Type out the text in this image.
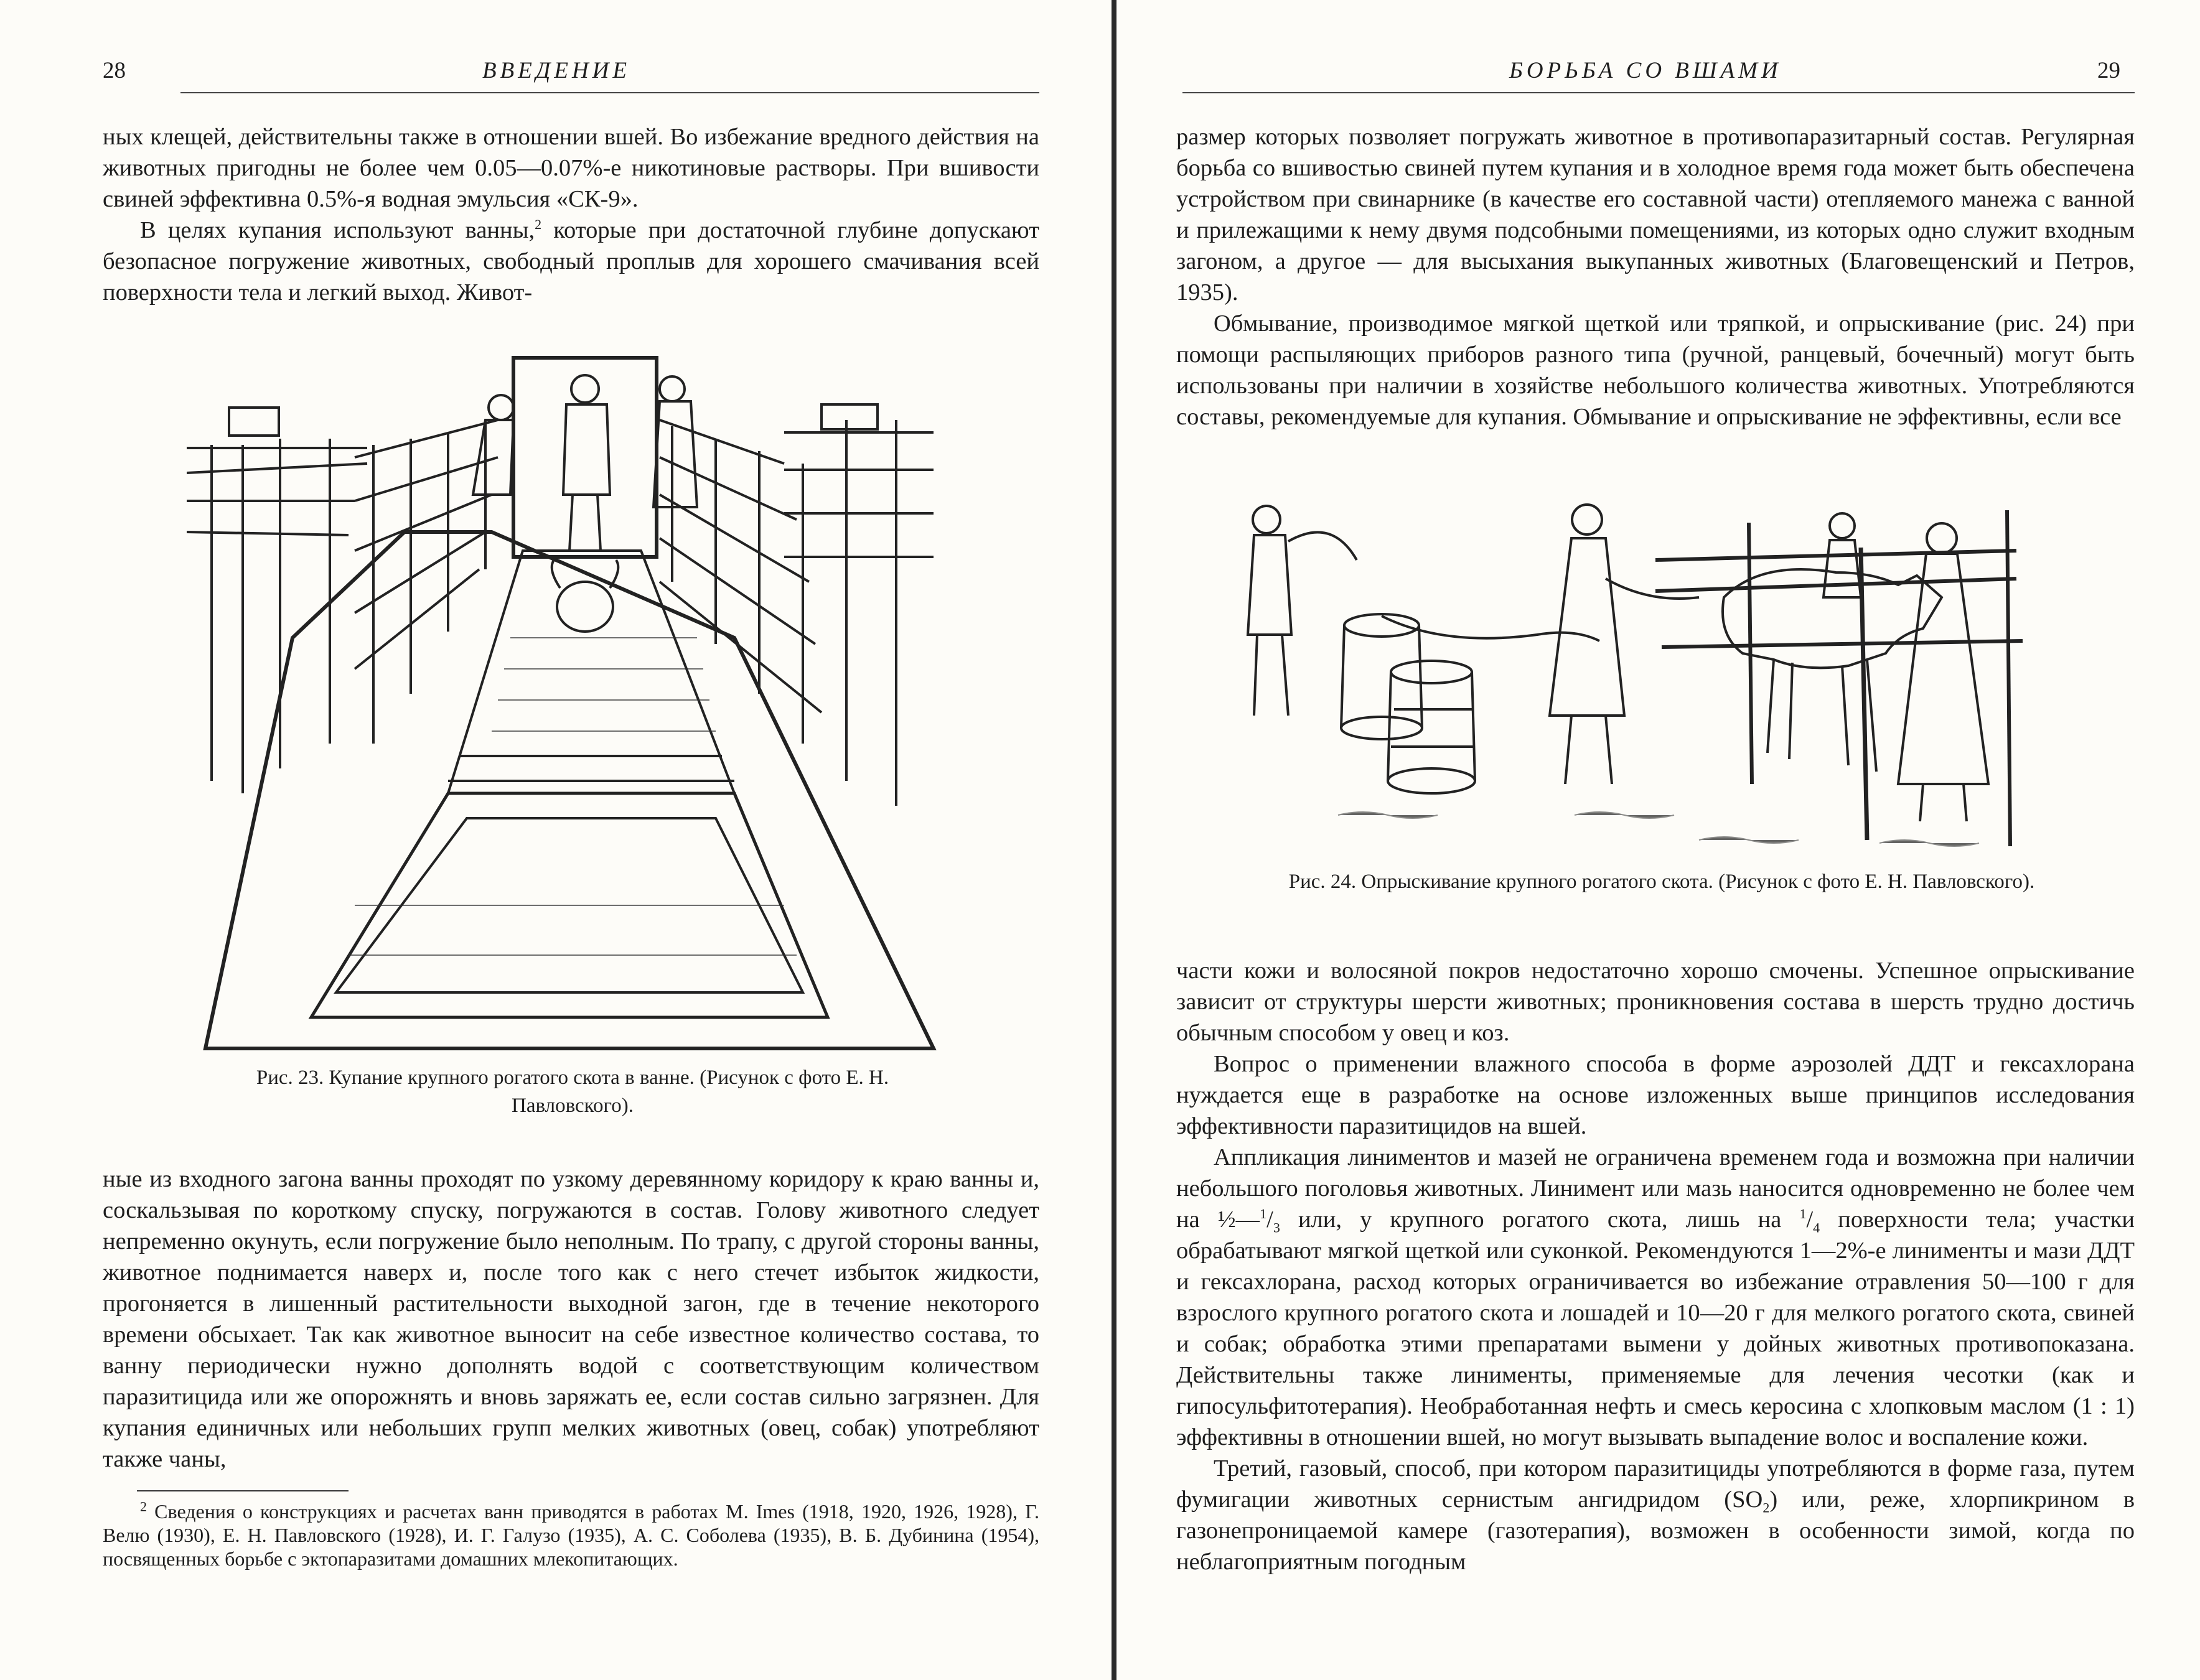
28	ВВЕДЕНИЕ

ных клещей, действительны также в отношении вшей. Во избежание вредного действия на животных пригодны не более чем 0.05—0.07%-е никотиновые растворы. При вшивости свиней эффективна 0.5%-я водная эмульсия «СК-9».

В целях купания используют ванны,$^2$ которые при достаточной глубине допускают безопасное погружение животных, свободный проплыв для хорошего смачивания всей поверхности тела и легкий выход. Живот-

Рис. 23. Купание крупного рогатого скота в ванне. (Рисунок с фото Е. Н. Павловского).

ные из входного загона ванны проходят по узкому деревянному коридору к краю ванны и, соскальзывая по короткому спуску, погружаются в состав. Голову животного следует непременно окунуть, если погружение было неполным. По трапу, с другой стороны ванны, животное поднимается наверх и, после того как с него стечет избыток жидкости, прогоняется в лишенный растительности выходной загон, где в течение некоторого времени обсыхает. Так как животное выносит на себе известное количество состава, то ванну периодически нужно дополнять водой с соответствующим количеством паразитицида или же опорожнять и вновь заряжать ее, если состав сильно загрязнен. Для купания единичных или небольших групп мелких животных (овец, собак) употребляют также чаны,

$^2$ Сведения о конструкциях и расчетах ванн приводятся в работах M. Imes (1918, 1920, 1926, 1928), Г. Велю (1930), Е. Н. Павловского (1928), И. Г. Галузо (1935), А. С. Соболева (1935), В. Б. Дубинина (1954), посвященных борьбе с эктопаразитами домашних млекопитающих.

БОРЬБА СО ВШАМИ	29

размер которых позволяет погружать животное в противопаразитарный состав. Регулярная борьба со вшивостью свиней путем купания и в холодное время года может быть обеспечена устройством при свинарнике (в качестве его составной части) отепляемого манежа с ванной и прилежащими к нему двумя подсобными помещениями, из которых одно служит входным загоном, а другое — для высыхания выкупанных животных (Благовещенский и Петров, 1935).

Обмывание, производимое мягкой щеткой или тряпкой, и опрыскивание (рис. 24) при помощи распыляющих приборов разного типа (ручной, ранцевый, бочечный) могут быть использованы при наличии в хозяйстве небольшого количества животных. Употребляются составы, рекомендуемые для купания. Обмывание и опрыскивание не эффективны, если все

Рис. 24. Опрыскивание крупного рогатого скота. (Рисунок с фото Е. Н. Павловского).

части кожи и волосяной покров недостаточно хорошо смочены. Успешное опрыскивание зависит от структуры шерсти животных; проникновения состава в шерсть трудно достичь обычным способом у овец и коз.

Вопрос о применении влажного способа в форме аэрозолей ДДТ и гексахлорана нуждается еще в разработке на основе изложенных выше принципов исследования эффективности паразитицидов на вшей.

Аппликация линиментов и мазей не ограничена временем года и возможна при наличии небольшого поголовья животных. Линимент или мазь наносится одновременно не более чем на $\frac{1}{2}—^1/_3$ или, у крупного рогатого скота, лишь на $^1/_4$ поверхности тела; участки обрабатывают мягкой щеткой или суконкой. Рекомендуются 1—2%-е линименты и мази ДДТ и гексахлорана, расход которых ограничивается во избежание отравления 50—100 г для взрослого крупного рогатого скота и лошадей и 10—20 г для мелкого рогатого скота, свиней и собак; обработка этими препаратами вымени у дойных животных противопоказана. Действительны также линименты, применяемые для лечения чесотки (как и гипосульфитотерапия). Необработанная нефть и смесь керосина с хлопковым маслом (1 : 1) эффективны в отношении вшей, но могут вызывать выпадение волос и воспаление кожи.

Третий, газовый, способ, при котором паразитициды употребляются в форме газа, путем фумигации животных сернистым ангидридом $(SO_2)$ или, реже, хлорпикрином в газонепроницаемой камере (газотерапия), возможен в особенности зимой, когда по неблагоприятным погодным
